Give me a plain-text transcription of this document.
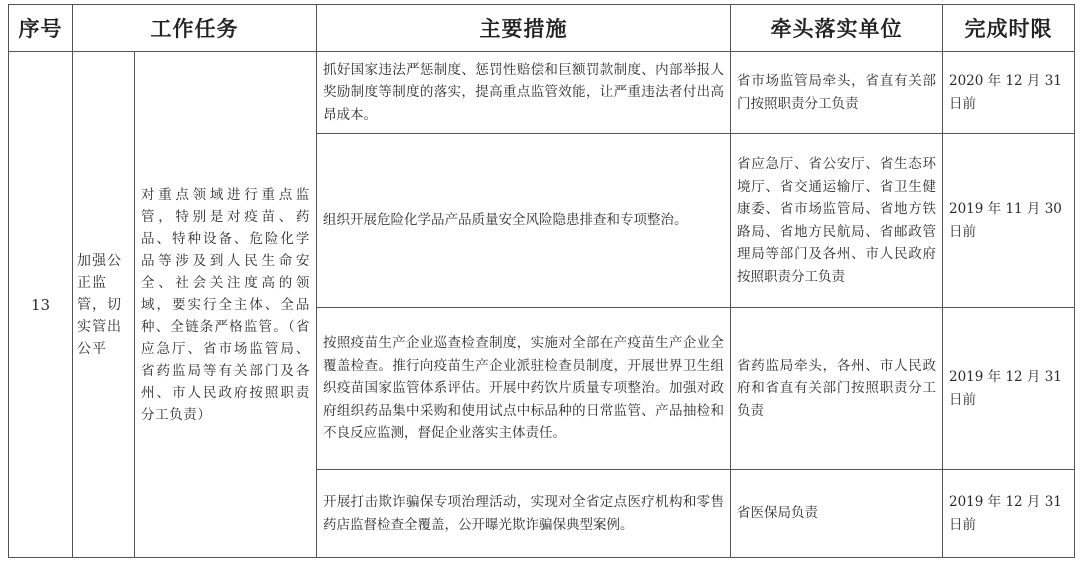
序号	工作任务		主要措施	牵头落实单位	完成时限
13	加强公正监管，切实管出公平	对重点领域进行重点监管，特别是对疫苗、药品、特种设备、危险化学品等涉及到人民生命安全、社会关注度高的领域，要实行全主体、全品种、全链条严格监管。（省应急厅、省市场监管局、省药监局等有关部门及各州、市人民政府按照职责分工负责）	抓好国家违法严惩制度、惩罚性赔偿和巨额罚款制度、内部举报人奖励制度等制度的落实，提高重点监管效能，让严重违法者付出高昂成本。	省市场监管局牵头，省直有关部门按照职责分工负责	2020 年 12 月 31 日前
			组织开展危险化学品产品质量安全风险隐患排查和专项整治。	省应急厅、省公安厅、省生态环境厅、省交通运输厅、省卫生健康委、省市场监管局、省地方铁路局、省地方民航局、省邮政管理局等部门及各州、市人民政府按照职责分工负责	2019 年 11 月 30 日前
			按照疫苗生产企业巡查检查制度，实施对全部在产疫苗生产企业全覆盖检查。推行向疫苗生产企业派驻检查员制度，开展世界卫生组织疫苗国家监管体系评估。开展中药饮片质量专项整治。加强对政府组织药品集中采购和使用试点中标品种的日常监管、产品抽检和不良反应监测，督促企业落实主体责任。	省药监局牵头，各州、市人民政府和省直有关部门按照职责分工负责	2019 年 12 月 31 日前
			开展打击欺诈骗保专项治理活动，实现对全省定点医疗机构和零售药店监督检查全覆盖，公开曝光欺诈骗保典型案例。	省医保局负责	2019 年 12 月 31 日前
